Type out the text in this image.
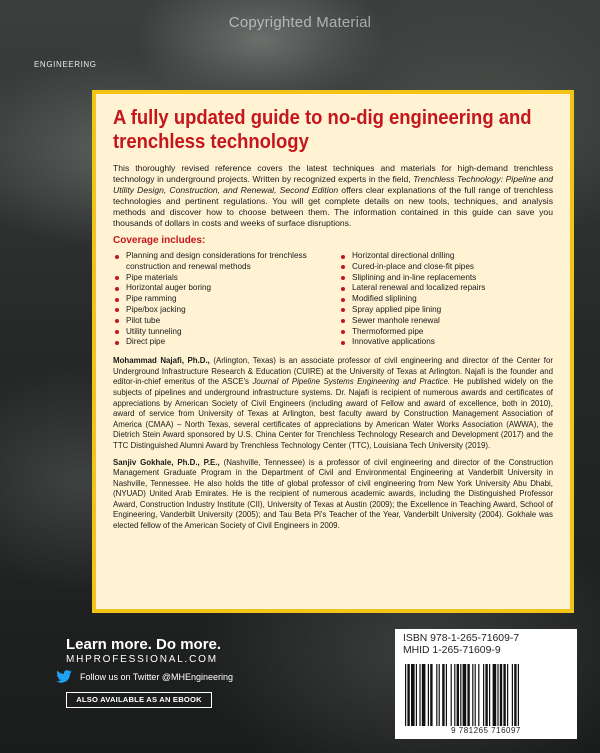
Copyrighted Material
ENGINEERING
A fully updated guide to no-dig engineering and trenchless technology

This thoroughly revised reference covers the latest techniques and materials for high-demand trenchless technology in underground projects. Written by recognized experts in the field, Trenchless Technology: Pipeline and Utility Design, Construction, and Renewal, Second Edition offers clear explanations of the full range of trenchless technologies and pertinent regulations. You will get complete details on new tools, techniques, and analysis methods and discover how to choose between them. The information contained in this guide can save you thousands of dollars in costs and weeks of surface disruptions.

Coverage includes:
Planning and design considerations for trenchless construction and renewal methods
Pipe materials
Horizontal auger boring
Pipe ramming
Pipe/box jacking
Pilot tube
Utility tunneling
Direct pipe
Horizontal directional drilling
Cured-in-place and close-fit pipes
Sliplining and in-line replacements
Lateral renewal and localized repairs
Modified sliplining
Spray applied pipe lining
Sewer manhole renewal
Thermoformed pipe
Innovative applications

Mohammad Najafi, Ph.D., (Arlington, Texas) is an associate professor of civil engineering and director of the Center for Underground Infrastructure Research & Education (CUIRE) at the University of Texas at Arlington. Najafi is the founder and editor-in-chief emeritus of the ASCE's Journal of Pipeline Systems Engineering and Practice. He published widely on the subjects of pipelines and underground infrastructure systems. Dr. Najafi is recipient of numerous awards and certificates of appreciations by American Society of Civil Engineers (including award of Fellow and award of excellence, both in 2010), award of service from University of Texas at Arlington, best faculty award by Construction Management Association of America (CMAA) – North Texas, several certificates of appreciations by American Water Works Association (AWWA), the Dietrich Stein Award sponsored by U.S. China Center for Trenchless Technology Research and Development (2017) and the TTC Distinguished Alumni Award by Trenchless Technology Center (TTC), Louisiana Tech University (2019).

Sanjiv Gokhale, Ph.D., P.E., (Nashville, Tennessee) is a professor of civil engineering and director of the Construction Management Graduate Program in the Department of Civil and Environmental Engineering at Vanderbilt University in Nashville, Tennessee. He also holds the title of global professor of civil engineering from New York University Abu Dhabi, (NYUAD) United Arab Emirates. He is the recipient of numerous academic awards, including the Distinguished Professor Award, Construction Industry Institute (CII), University of Texas at Austin (2009); the Excellence in Teaching Award, School of Engineering, Vanderbilt University (2005); and Tau Beta Pi's Teacher of the Year, Vanderbilt University (2004). Gokhale was elected fellow of the American Society of Civil Engineers in 2009.

Learn more. Do more.
MHPROFESSIONAL.COM
Follow us on Twitter @MHEngineering
ALSO AVAILABLE AS AN EBOOK
ISBN 978-1-265-71609-7
MHID 1-265-71609-9
9 781265 716097
